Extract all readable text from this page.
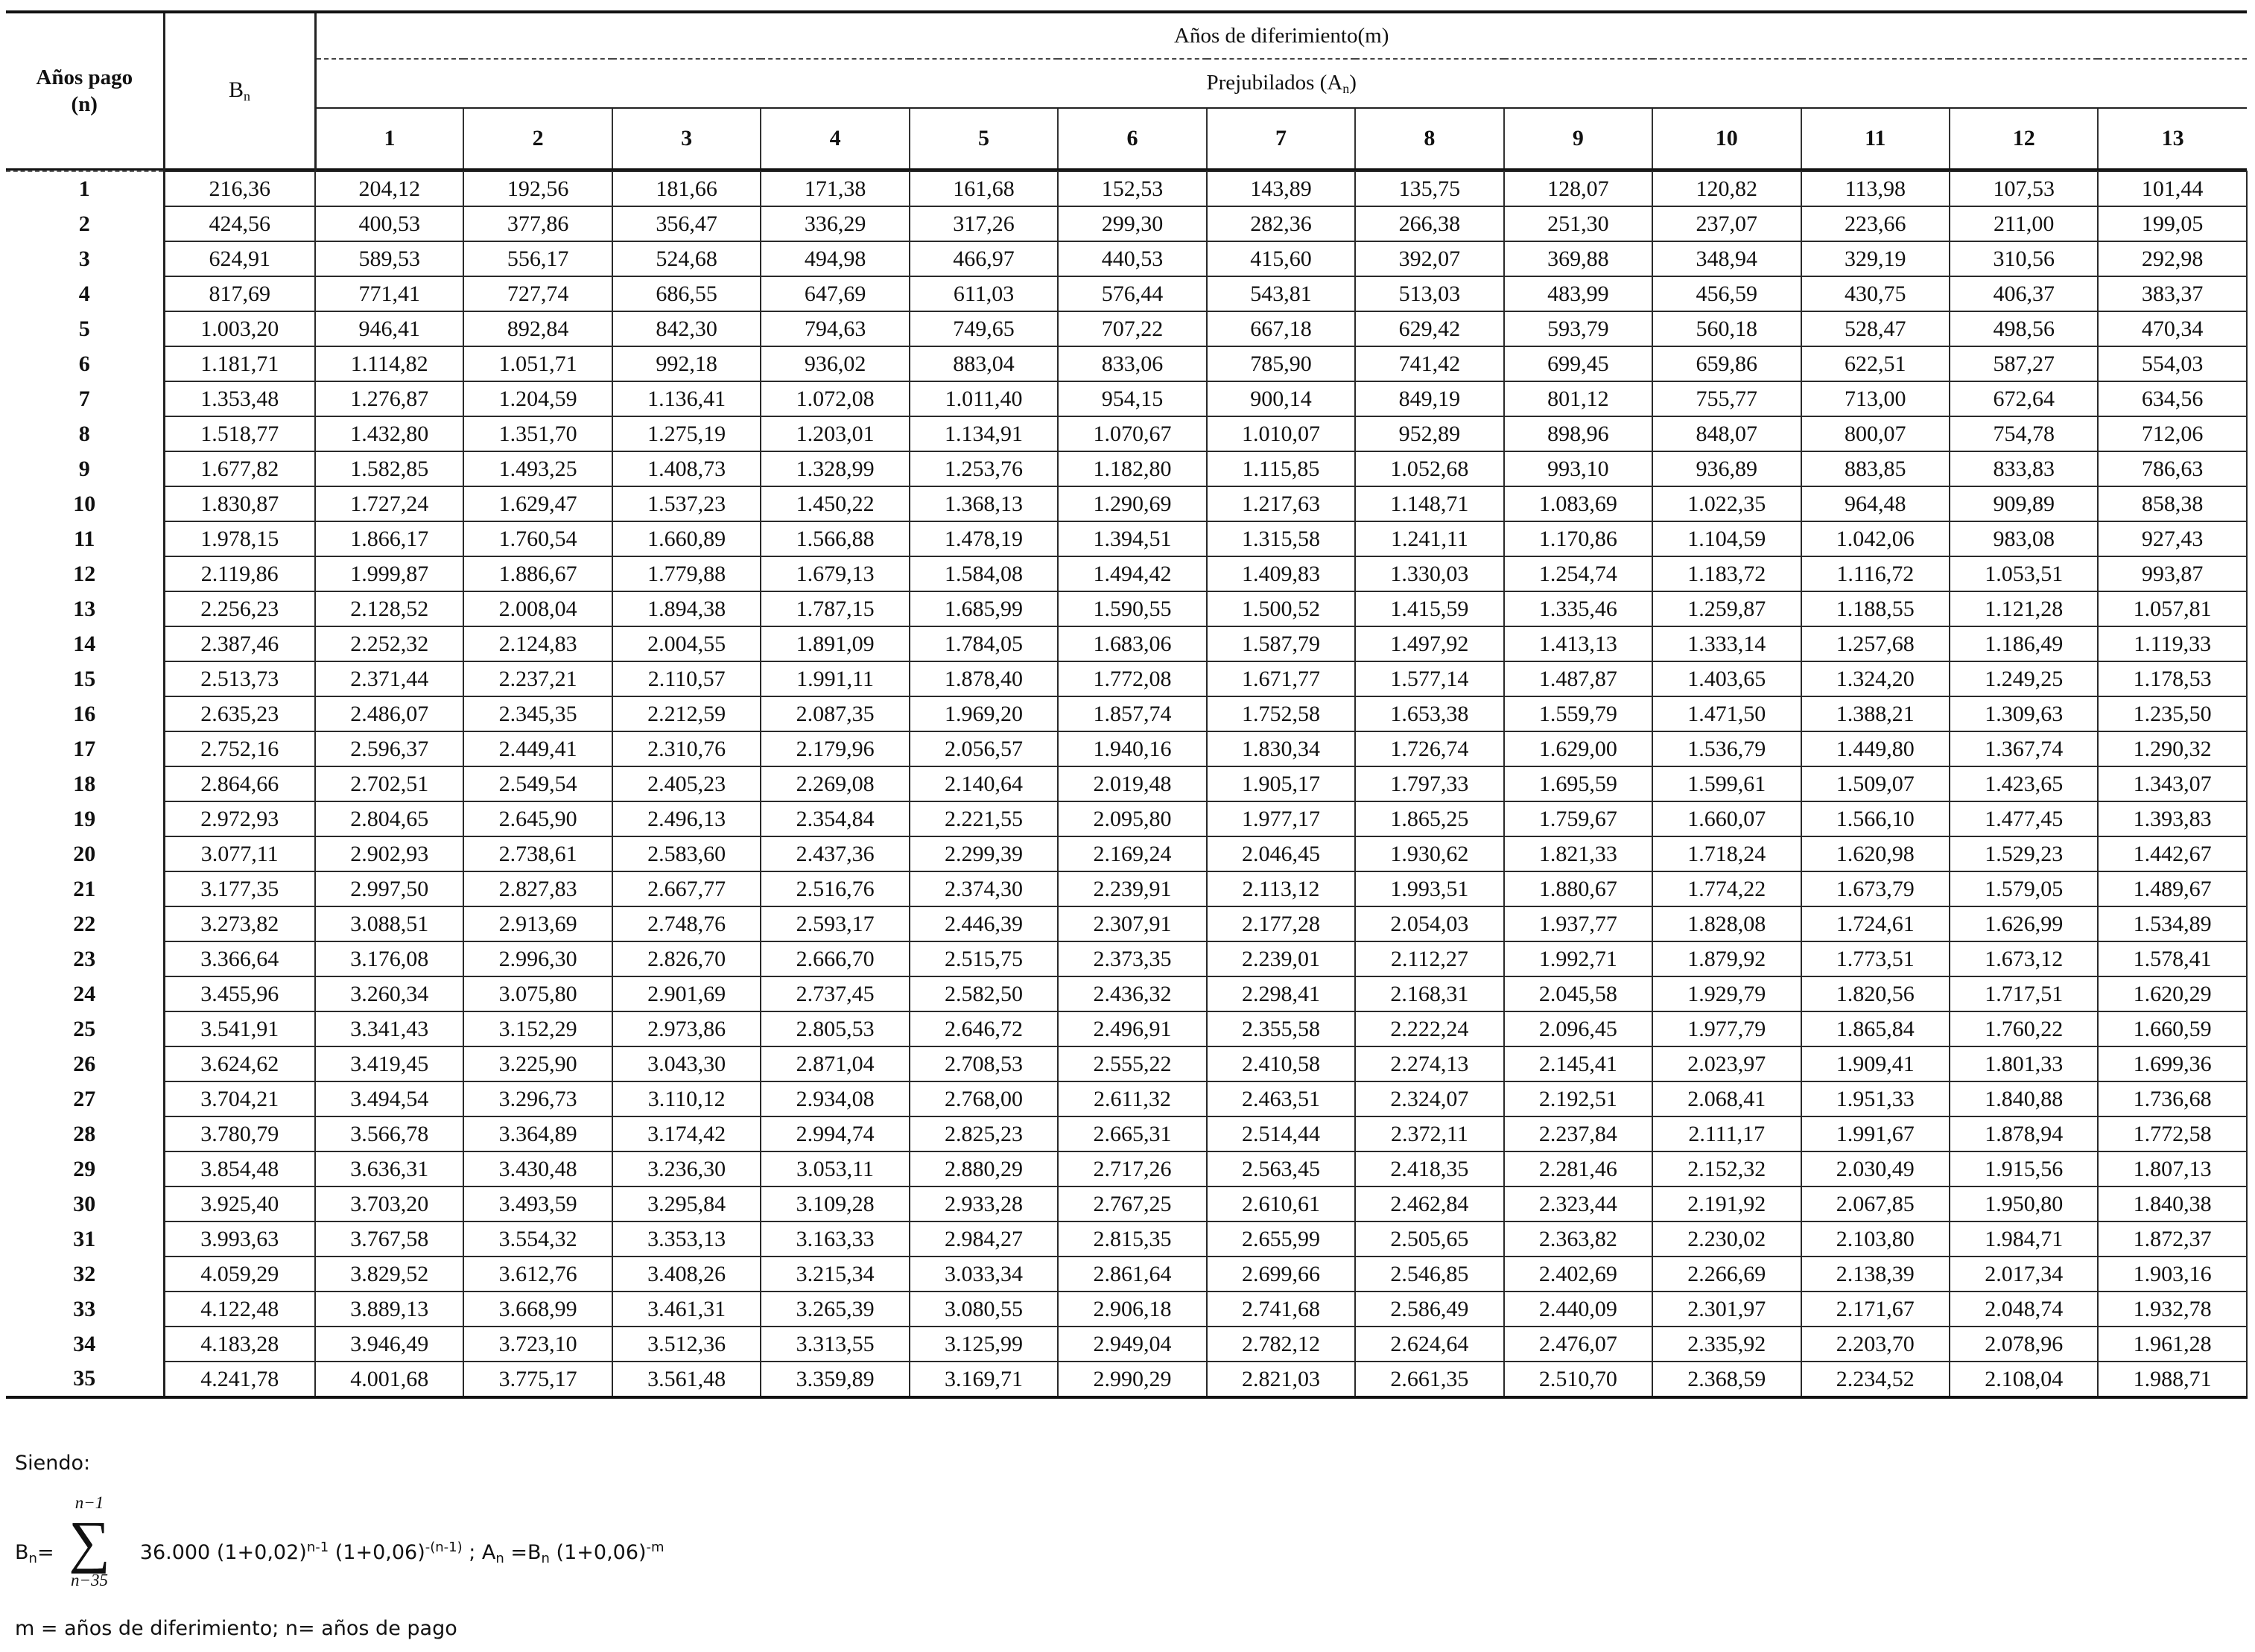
Años pago (n)	$B_n$	Años de diferimiento(m)												
		Prejubilados $(A_n)$												
		1	2	3	4	5	6	7	8	9	10	11	12	13

1	216,36	204,12	192,56	181,66	171,38	161,68	152,53	143,89	135,75	128,07	120,82	113,98	107,53	101,44
2	424,56	400,53	377,86	356,47	336,29	317,26	299,30	282,36	266,38	251,30	237,07	223,66	211,00	199,05
3	624,91	589,53	556,17	524,68	494,98	466,97	440,53	415,60	392,07	369,88	348,94	329,19	310,56	292,98
4	817,69	771,41	727,74	686,55	647,69	611,03	576,44	543,81	513,03	483,99	456,59	430,75	406,37	383,37
5	1.003,20	946,41	892,84	842,30	794,63	749,65	707,22	667,18	629,42	593,79	560,18	528,47	498,56	470,34
6	1.181,71	1.114,82	1.051,71	992,18	936,02	883,04	833,06	785,90	741,42	699,45	659,86	622,51	587,27	554,03
7	1.353,48	1.276,87	1.204,59	1.136,41	1.072,08	1.011,40	954,15	900,14	849,19	801,12	755,77	713,00	672,64	634,56
8	1.518,77	1.432,80	1.351,70	1.275,19	1.203,01	1.134,91	1.070,67	1.010,07	952,89	898,96	848,07	800,07	754,78	712,06
9	1.677,82	1.582,85	1.493,25	1.408,73	1.328,99	1.253,76	1.182,80	1.115,85	1.052,68	993,10	936,89	883,85	833,83	786,63
10	1.830,87	1.727,24	1.629,47	1.537,23	1.450,22	1.368,13	1.290,69	1.217,63	1.148,71	1.083,69	1.022,35	964,48	909,89	858,38
11	1.978,15	1.866,17	1.760,54	1.660,89	1.566,88	1.478,19	1.394,51	1.315,58	1.241,11	1.170,86	1.104,59	1.042,06	983,08	927,43
12	2.119,86	1.999,87	1.886,67	1.779,88	1.679,13	1.584,08	1.494,42	1.409,83	1.330,03	1.254,74	1.183,72	1.116,72	1.053,51	993,87
13	2.256,23	2.128,52	2.008,04	1.894,38	1.787,15	1.685,99	1.590,55	1.500,52	1.415,59	1.335,46	1.259,87	1.188,55	1.121,28	1.057,81
14	2.387,46	2.252,32	2.124,83	2.004,55	1.891,09	1.784,05	1.683,06	1.587,79	1.497,92	1.413,13	1.333,14	1.257,68	1.186,49	1.119,33
15	2.513,73	2.371,44	2.237,21	2.110,57	1.991,11	1.878,40	1.772,08	1.671,77	1.577,14	1.487,87	1.403,65	1.324,20	1.249,25	1.178,53
16	2.635,23	2.486,07	2.345,35	2.212,59	2.087,35	1.969,20	1.857,74	1.752,58	1.653,38	1.559,79	1.471,50	1.388,21	1.309,63	1.235,50
17	2.752,16	2.596,37	2.449,41	2.310,76	2.179,96	2.056,57	1.940,16	1.830,34	1.726,74	1.629,00	1.536,79	1.449,80	1.367,74	1.290,32
18	2.864,66	2.702,51	2.549,54	2.405,23	2.269,08	2.140,64	2.019,48	1.905,17	1.797,33	1.695,59	1.599,61	1.509,07	1.423,65	1.343,07
19	2.972,93	2.804,65	2.645,90	2.496,13	2.354,84	2.221,55	2.095,80	1.977,17	1.865,25	1.759,67	1.660,07	1.566,10	1.477,45	1.393,83
20	3.077,11	2.902,93	2.738,61	2.583,60	2.437,36	2.299,39	2.169,24	2.046,45	1.930,62	1.821,33	1.718,24	1.620,98	1.529,23	1.442,67
21	3.177,35	2.997,50	2.827,83	2.667,77	2.516,76	2.374,30	2.239,91	2.113,12	1.993,51	1.880,67	1.774,22	1.673,79	1.579,05	1.489,67
22	3.273,82	3.088,51	2.913,69	2.748,76	2.593,17	2.446,39	2.307,91	2.177,28	2.054,03	1.937,77	1.828,08	1.724,61	1.626,99	1.534,89
23	3.366,64	3.176,08	2.996,30	2.826,70	2.666,70	2.515,75	2.373,35	2.239,01	2.112,27	1.992,71	1.879,92	1.773,51	1.673,12	1.578,41
24	3.455,96	3.260,34	3.075,80	2.901,69	2.737,45	2.582,50	2.436,32	2.298,41	2.168,31	2.045,58	1.929,79	1.820,56	1.717,51	1.620,29
25	3.541,91	3.341,43	3.152,29	2.973,86	2.805,53	2.646,72	2.496,91	2.355,58	2.222,24	2.096,45	1.977,79	1.865,84	1.760,22	1.660,59
26	3.624,62	3.419,45	3.225,90	3.043,30	2.871,04	2.708,53	2.555,22	2.410,58	2.274,13	2.145,41	2.023,97	1.909,41	1.801,33	1.699,36
27	3.704,21	3.494,54	3.296,73	3.110,12	2.934,08	2.768,00	2.611,32	2.463,51	2.324,07	2.192,51	2.068,41	1.951,33	1.840,88	1.736,68
28	3.780,79	3.566,78	3.364,89	3.174,42	2.994,74	2.825,23	2.665,31	2.514,44	2.372,11	2.237,84	2.111,17	1.991,67	1.878,94	1.772,58
29	3.854,48	3.636,31	3.430,48	3.236,30	3.053,11	2.880,29	2.717,26	2.563,45	2.418,35	2.281,46	2.152,32	2.030,49	1.915,56	1.807,13
30	3.925,40	3.703,20	3.493,59	3.295,84	3.109,28	2.933,28	2.767,25	2.610,61	2.462,84	2.323,44	2.191,92	2.067,85	1.950,80	1.840,38
31	3.993,63	3.767,58	3.554,32	3.353,13	3.163,33	2.984,27	2.815,35	2.655,99	2.505,65	2.363,82	2.230,02	2.103,80	1.984,71	1.872,37
32	4.059,29	3.829,52	3.612,76	3.408,26	3.215,34	3.033,34	2.861,64	2.699,66	2.546,85	2.402,69	2.266,69	2.138,39	2.017,34	1.903,16
33	4.122,48	3.889,13	3.668,99	3.461,31	3.265,39	3.080,55	2.906,18	2.741,68	2.586,49	2.440,09	2.301,97	2.171,67	2.048,74	1.932,78
34	4.183,28	3.946,49	3.723,10	3.512,36	3.313,55	3.125,99	2.949,04	2.782,12	2.624,64	2.476,07	2.335,92	2.203,70	2.078,96	1.961,28
35	4.241,78	4.001,68	3.775,17	3.561,48	3.359,89	3.169,71	2.990,29	2.821,03	2.661,35	2.510,70	2.368,59	2.234,52	2.108,04	1.988,71
Siendo:
$B_n=$
n−1
∑
n−35
36.000 $(1+0,02)^{n-1}$ $(1+0,06)^{-(n-1)}$ ; $A_n =B_n$ $(1+0,06)^{-m}$
m = años de diferimiento; n= años de pago
